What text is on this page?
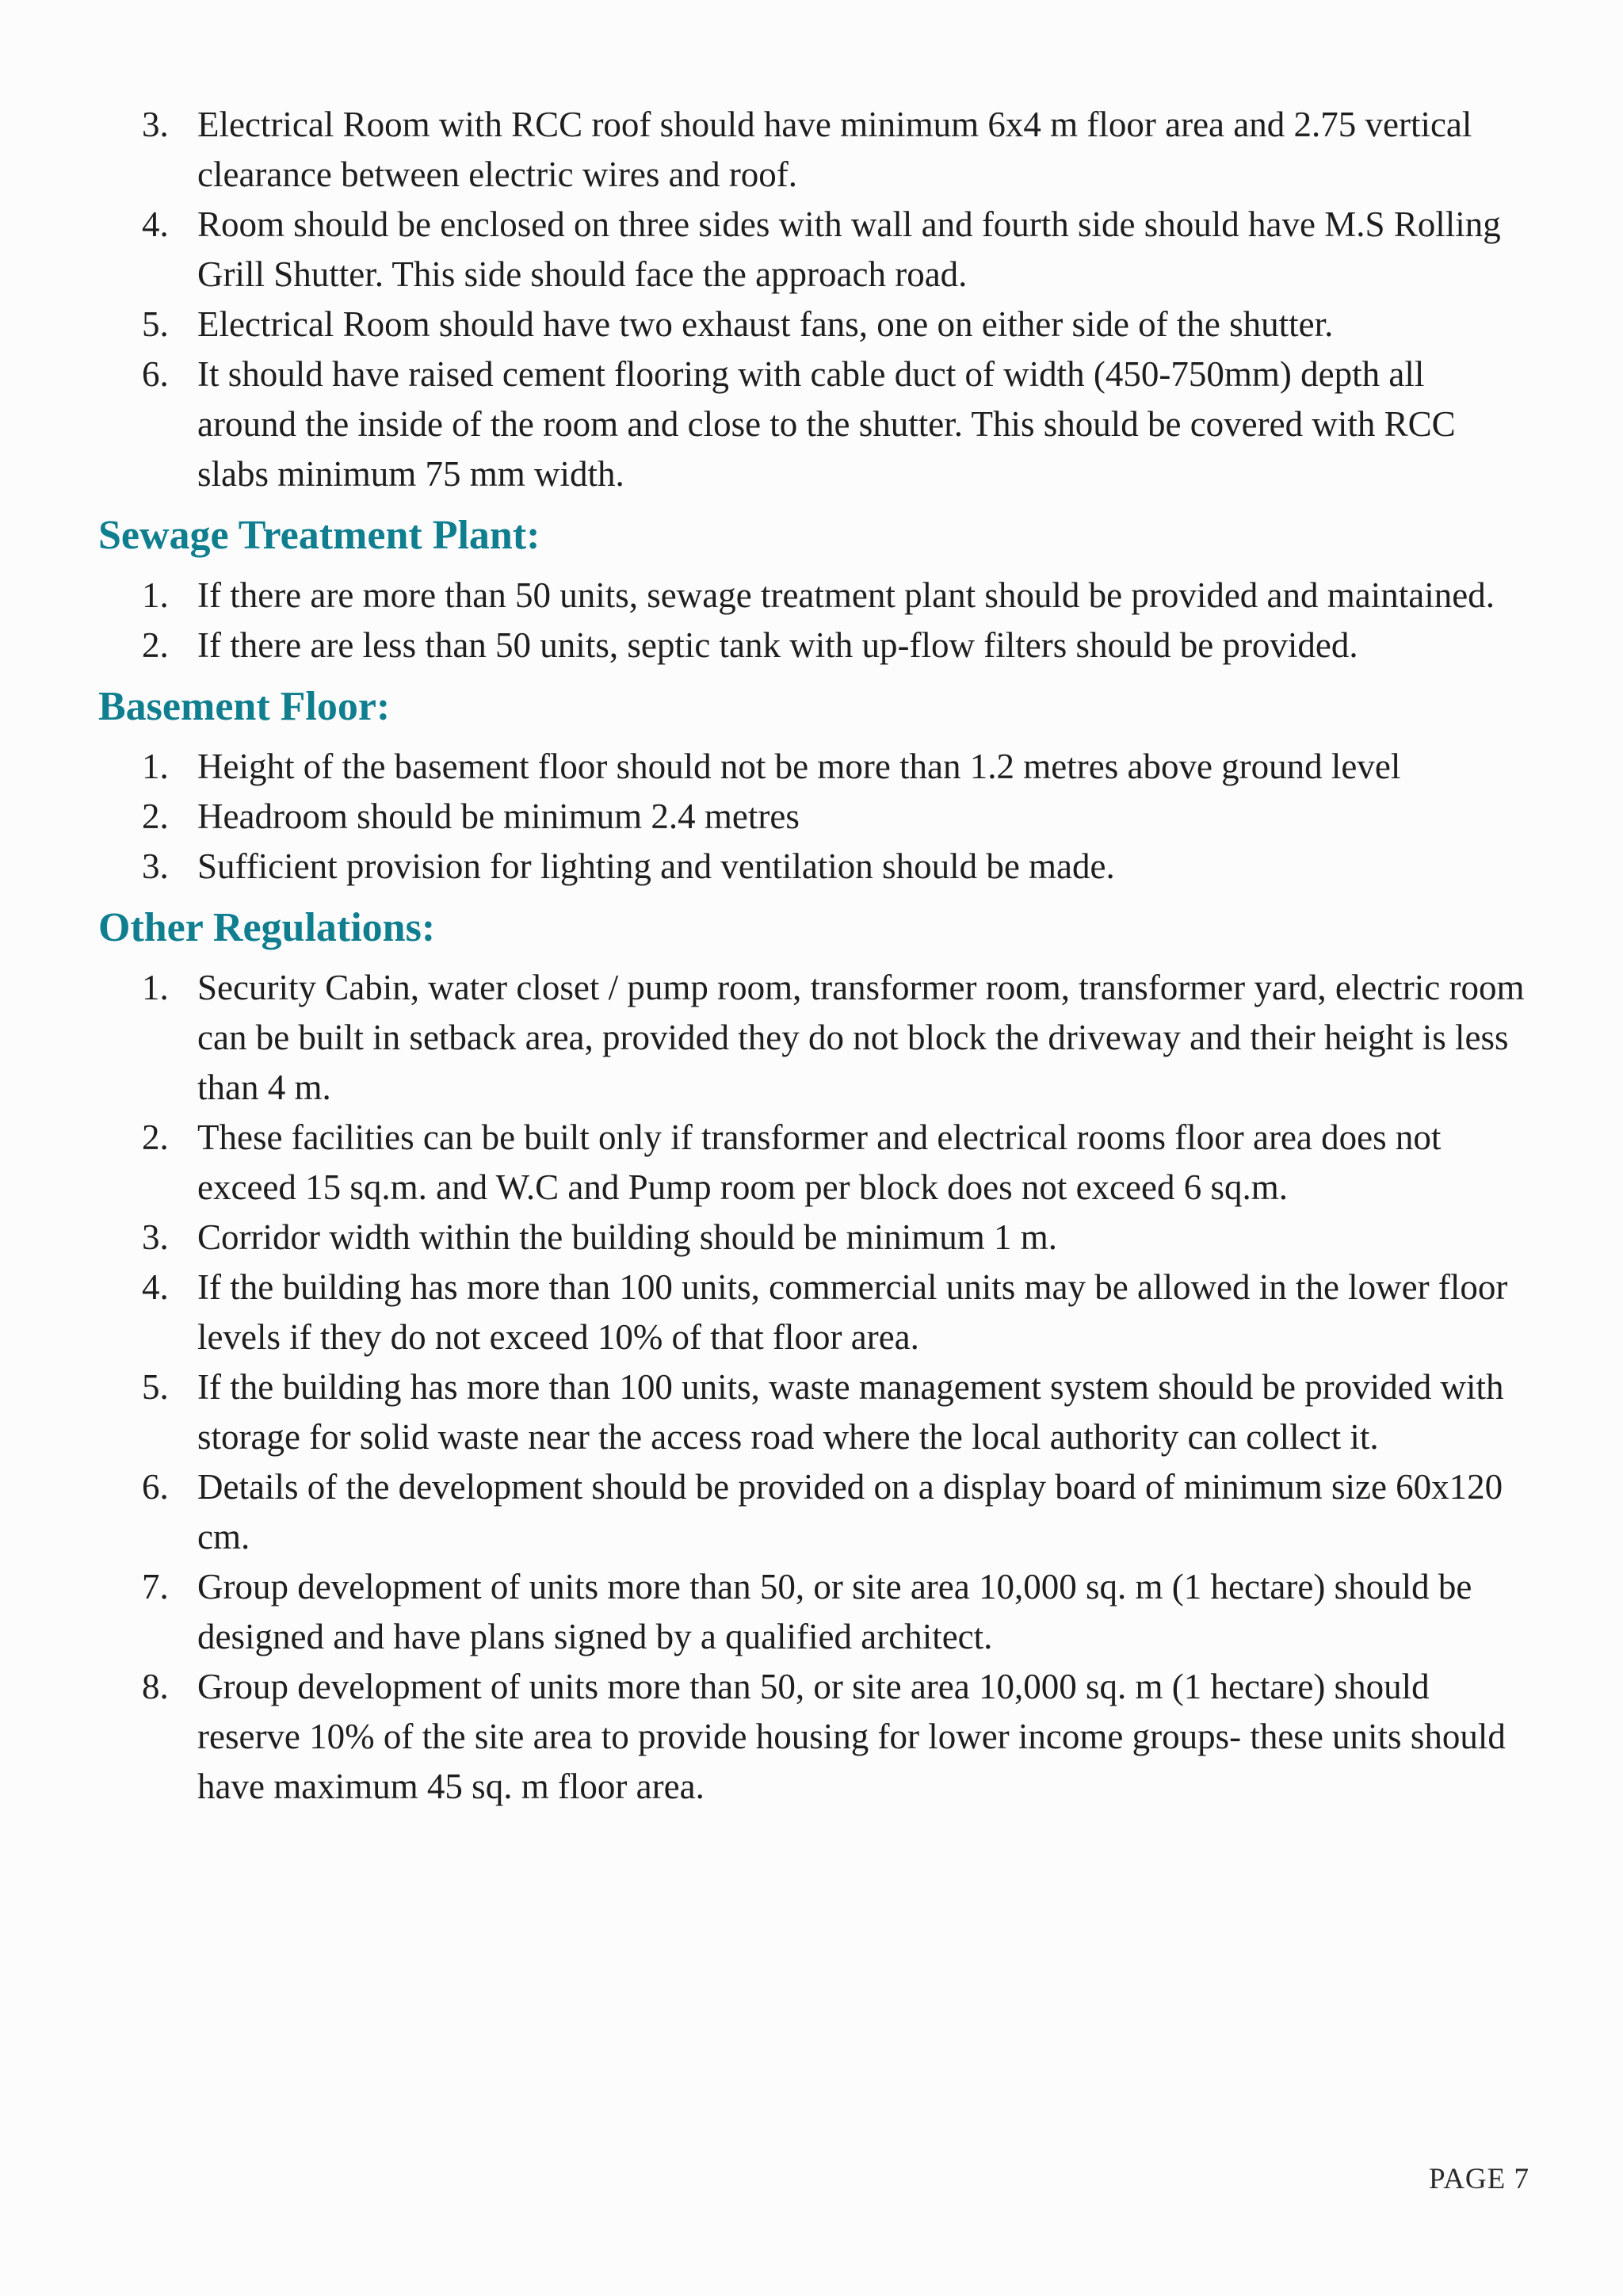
3. Electrical Room with RCC roof should have minimum 6x4 m floor area and 2.75 vertical clearance between electric wires and roof.
4. Room should be enclosed on three sides with wall and fourth side should have M.S Rolling Grill Shutter. This side should face the approach road.
5. Electrical Room should have two exhaust fans, one on either side of the shutter.
6. It should have raised cement flooring with cable duct of width (450-750mm) depth all around the inside of the room and close to the shutter. This should be covered with RCC slabs minimum 75 mm width.
Sewage Treatment Plant:
1. If there are more than 50 units, sewage treatment plant should be provided and maintained.
2. If there are less than 50 units, septic tank with up-flow filters should be provided.
Basement Floor:
1. Height of the basement floor should not be more than 1.2 metres above ground level
2. Headroom should be minimum 2.4 metres
3. Sufficient provision for lighting and ventilation should be made.
Other Regulations:
1. Security Cabin, water closet / pump room, transformer room, transformer yard, electric room can be built in setback area, provided they do not block the driveway and their height is less than 4 m.
2. These facilities can be built only if transformer and electrical rooms floor area does not exceed 15 sq.m. and W.C and Pump room per block does not exceed 6 sq.m.
3. Corridor width within the building should be minimum 1 m.
4. If the building has more than 100 units, commercial units may be allowed in the lower floor levels if they do not exceed 10% of that floor area.
5. If the building has more than 100 units, waste management system should be provided with storage for solid waste near the access road where the local authority can collect it.
6. Details of the development should be provided on a display board of minimum size 60x120 cm.
7. Group development of units more than 50, or site area 10,000 sq. m (1 hectare) should be designed and have plans signed by a qualified architect.
8. Group development of units more than 50, or site area 10,000 sq. m (1 hectare) should reserve 10% of the site area to provide housing for lower income groups- these units should have maximum 45 sq. m floor area.
PAGE 7
